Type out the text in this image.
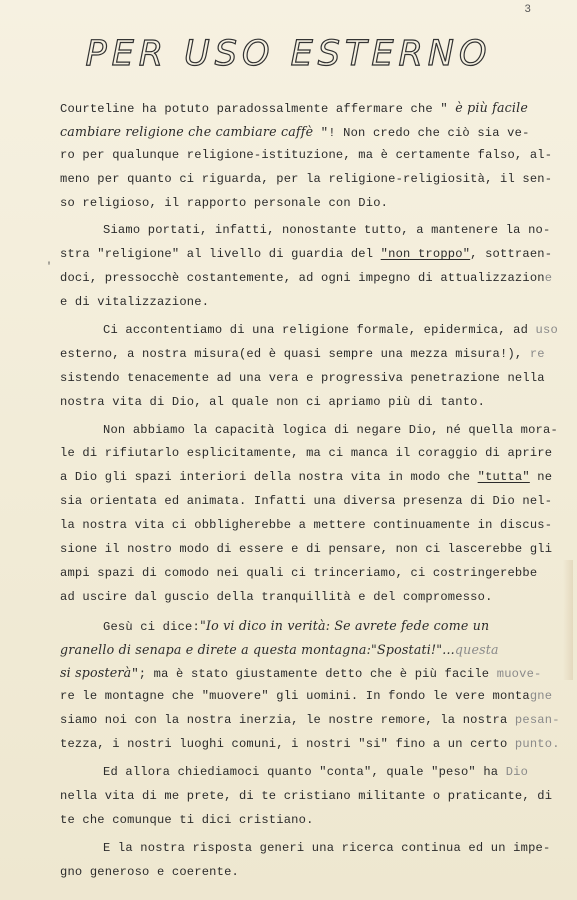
3
PER USO ESTERNO
'
Courteline ha potuto paradossalmente affermare che " è più facile
cambiare religione che cambiare caffè "! Non credo che ciò sia ve-
ro per qualunque religione-istituzione, ma è certamente falso, al-
meno per quanto ci riguarda, per la religione-religiosità, il sen-
so religioso, il rapporto personale con Dio.
Siamo portati, infatti, nonostante tutto, a mantenere la no-
stra "religione" al livello di guardia del "non troppo", sottraen-
doci, pressocchè costantemente, ad ogni impegno di attualizzazione
e di vitalizzazione.
Ci accontentiamo di una religione formale, epidermica, ad uso
esterno, a nostra misura(ed è quasi sempre una mezza misura!), re
sistendo tenacemente ad una vera e progressiva penetrazione nella
nostra vita di Dio, al quale non ci apriamo più di tanto.
Non abbiamo la capacità logica di negare Dio, né quella mora-
le di rifiutarlo esplicitamente, ma ci manca il coraggio di aprire
a Dio gli spazi interiori della nostra vita in modo che "tutta" ne
sia orientata ed animata. Infatti una diversa presenza di Dio nel-
la nostra vita ci obbligherebbe a mettere continuamente in discus-
sione il nostro modo di essere e di pensare, non ci lascerebbe gli
ampi spazi di comodo nei quali ci trinceriamo, ci costringerebbe
ad uscire dal guscio della tranquillità e del compromesso.
Gesù ci dice:"Io vi dico in verità: Se avrete fede come un
granello di senapa e direte a questa montagna:"Spostati!"...questa
si sposterà"; ma è stato giustamente detto che è più facile muove-
re le montagne che "muovere" gli uomini. In fondo le vere montagne
siamo noi con la nostra inerzia, le nostre remore, la nostra pesan-
tezza, i nostri luoghi comuni, i nostri "si" fino a un certo punto.
Ed allora chiediamoci quanto "conta", quale "peso" ha Dio
nella vita di me prete, di te cristiano militante o praticante, di
te che comunque ti dici cristiano.
E la nostra risposta generi una ricerca continua ed un impe-
gno generoso e coerente.
